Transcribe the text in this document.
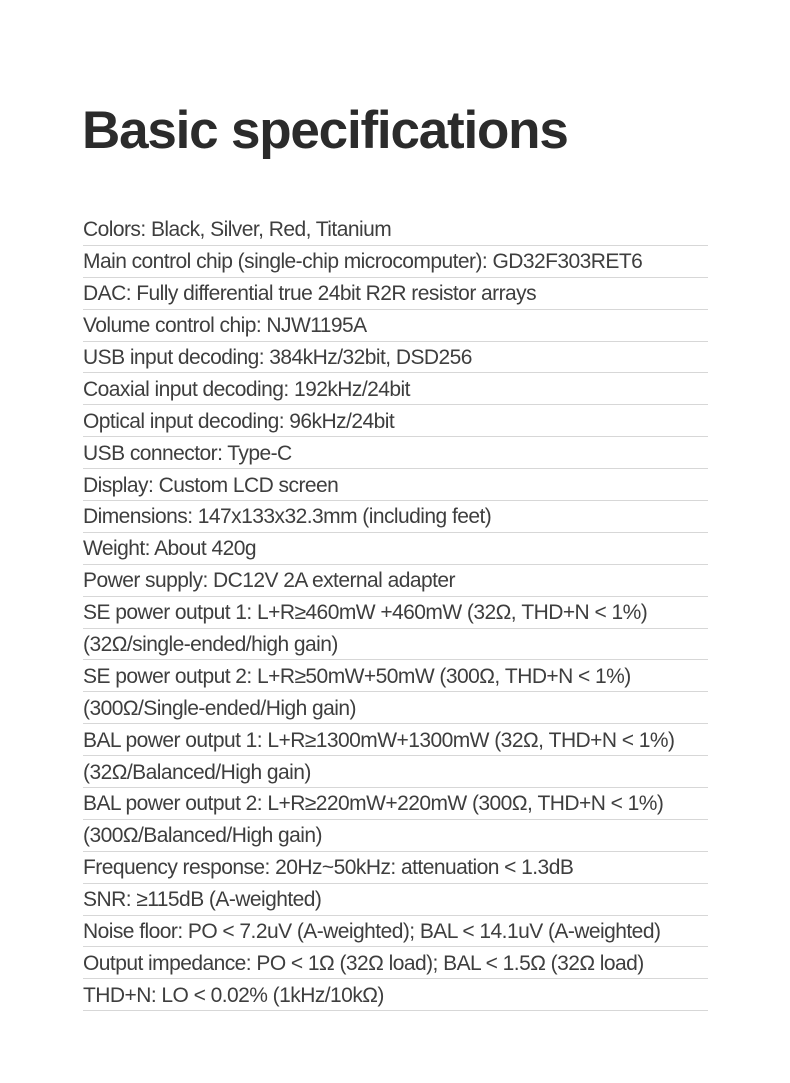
Basic specifications
Colors: Black, Silver, Red, Titanium
Main control chip (single-chip microcomputer): GD32F303RET6
DAC: Fully differential true 24bit R2R resistor arrays
Volume control chip: NJW1195A
USB input decoding: 384kHz/32bit, DSD256
Coaxial input decoding: 192kHz/24bit
Optical input decoding: 96kHz/24bit
USB connector: Type-C
Display: Custom LCD screen
Dimensions: 147x133x32.3mm (including feet)
Weight: About 420g
Power supply: DC12V 2A external adapter
SE power output 1: L+R≥460mW +460mW (32Ω, THD+N < 1%)
(32Ω/single-ended/high gain)
SE power output 2: L+R≥50mW+50mW (300Ω, THD+N < 1%)
(300Ω/Single-ended/High gain)
BAL power output 1: L+R≥1300mW+1300mW (32Ω, THD+N < 1%)
(32Ω/Balanced/High gain)
BAL power output 2: L+R≥220mW+220mW (300Ω, THD+N < 1%)
(300Ω/Balanced/High gain)
Frequency response: 20Hz~50kHz: attenuation < 1.3dB
SNR: ≥115dB (A-weighted)
Noise floor: PO < 7.2uV (A-weighted); BAL < 14.1uV (A-weighted)
Output impedance: PO < 1Ω (32Ω load); BAL < 1.5Ω (32Ω load)
THD+N: LO < 0.02% (1kHz/10kΩ)
